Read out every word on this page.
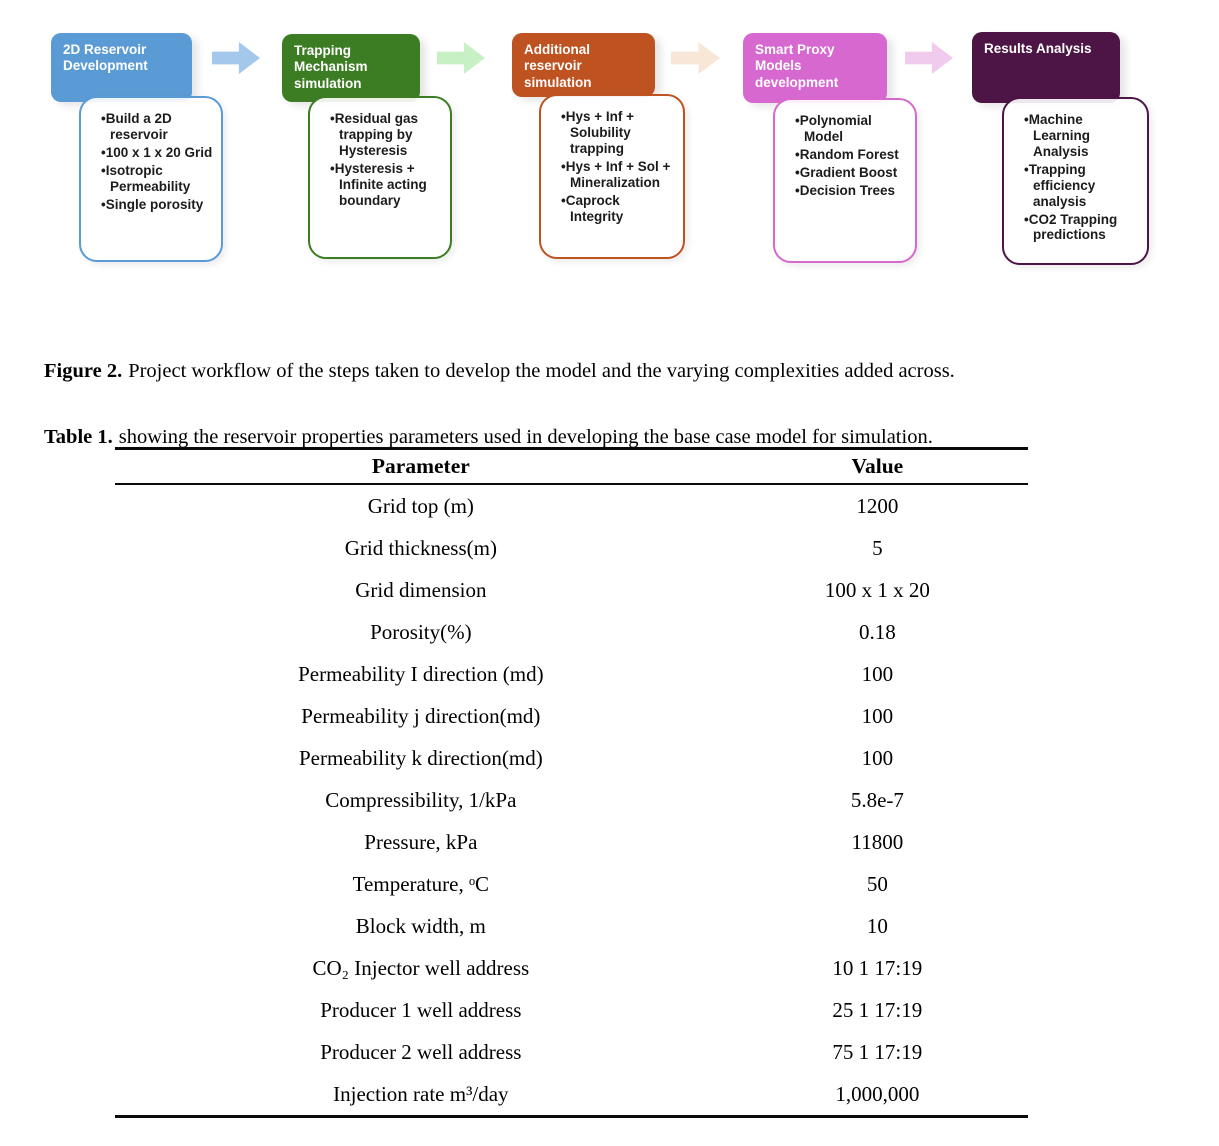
2D Reservoir Development
• Build a 2D reservoir
• 100 x 1 x 20 Grid
• Isotropic Permeability
• Single porosity
Trapping Mechanism simulation
• Residual gas trapping by Hysteresis
• Hysteresis + Infinite acting boundary
Additional reservoir simulation
• Hys + Inf + Solubility trapping
• Hys + Inf + Sol + Mineralization
• Caprock Integrity
Smart Proxy Models development
• Polynomial Model
• Random Forest
• Gradient Boost
• Decision Trees
Results Analysis
• Machine Learning Analysis
• Trapping efficiency analysis
• CO2 Trapping predictions

Figure 2. Project workflow of the steps taken to develop the model and the varying complexities added across.

Table 1. showing the reservoir properties parameters used in developing the base case model for simulation.

Parameter	Value
Grid top (m)	1200
Grid thickness(m)	5
Grid dimension	100 x 1 x 20
Porosity(%)	0.18
Permeability I direction (md)	100
Permeability j direction(md)	100
Permeability k direction(md)	100
Compressibility, 1/kPa	5.8e-7
Pressure, kPa	11800
Temperature, ᵒC	50
Block width, m	10
CO₂ Injector well address	10 1 17:19
Producer 1 well address	25 1 17:19
Producer 2 well address	75 1 17:19
Injection rate m³/day	1,000,000
